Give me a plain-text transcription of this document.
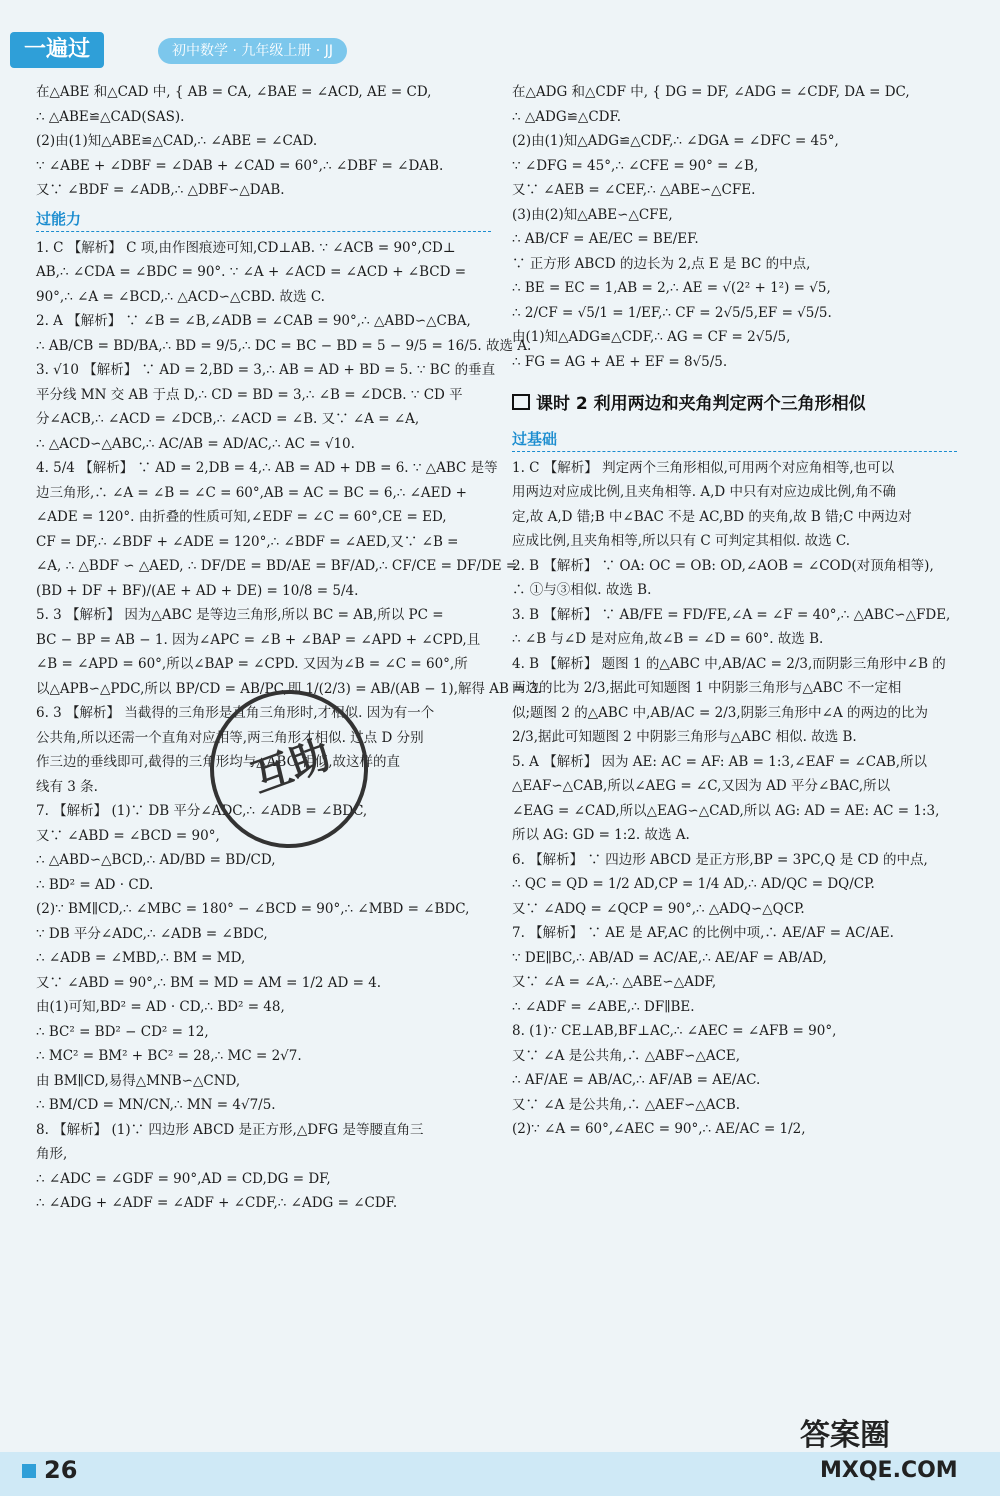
一遍过	初中数学 · 九年级上册 · JJ
在△ABE 和△CAD 中, { AB = CA, ∠BAE = ∠ACD, AE = CD,
∴ △ABE≌△CAD(SAS).
(2)由(1)知△ABE≌△CAD,∴ ∠ABE = ∠CAD.
∵ ∠ABE + ∠DBF = ∠DAB + ∠CAD = 60°,∴ ∠DBF = ∠DAB.
又∵ ∠BDF = ∠ADB,∴ △DBF∽△DAB.
过能力
1. C 【解析】 C 项,由作图痕迹可知,CD⊥AB. ∵ ∠ACB = 90°,CD⊥
AB,∴ ∠CDA = ∠BDC = 90°. ∵ ∠A + ∠ACD = ∠ACD + ∠BCD =
90°,∴ ∠A = ∠BCD,∴ △ACD∽△CBD. 故选 C.
2. A 【解析】 ∵ ∠B = ∠B,∠ADB = ∠CAB = 90°,∴ △ABD∽△CBA,
∴ AB/CB = BD/BA,∴ BD = 9/5,∴ DC = BC − BD = 5 − 9/5 = 16/5. 故选 A.
3. √10 【解析】 ∵ AD = 2,BD = 3,∴ AB = AD + BD = 5. ∵ BC 的垂直
平分线 MN 交 AB 于点 D,∴ CD = BD = 3,∴ ∠B = ∠DCB. ∵ CD 平
分∠ACB,∴ ∠ACD = ∠DCB,∴ ∠ACD = ∠B. 又∵ ∠A = ∠A,
∴ △ACD∽△ABC,∴ AC/AB = AD/AC,∴ AC = √10.
4. 5/4 【解析】 ∵ AD = 2,DB = 4,∴ AB = AD + DB = 6. ∵ △ABC 是等
边三角形,∴ ∠A = ∠B = ∠C = 60°,AB = AC = BC = 6,∴ ∠AED +
∠ADE = 120°. 由折叠的性质可知,∠EDF = ∠C = 60°,CE = ED,
CF = DF,∴ ∠BDF + ∠ADE = 120°,∴ ∠BDF = ∠AED,又∵ ∠B =
∠A, ∴ △BDF ∽ △AED, ∴ DF/DE = BD/AE = BF/AD,∴ CF/CE = DF/DE =
(BD + DF + BF)/(AE + AD + DE) = 10/8 = 5/4.
5. 3 【解析】 因为△ABC 是等边三角形,所以 BC = AB,所以 PC =
BC − BP = AB − 1. 因为∠APC = ∠B + ∠BAP = ∠APD + ∠CPD,且
∠B = ∠APD = 60°,所以∠BAP = ∠CPD. 又因为∠B = ∠C = 60°,所
以△APB∽△PDC,所以 BP/CD = AB/PC,即 1/(2/3) = AB/(AB − 1),解得 AB = 3.
6. 3 【解析】 当截得的三角形是直角三角形时,才相似. 因为有一个
公共角,所以还需一个直角对应相等,两三角形才相似. 过点 D 分别
作三边的垂线即可,截得的三角形均与△ABC 相似,故这样的直
线有 3 条.
7. 【解析】 (1)∵ DB 平分∠ADC,∴ ∠ADB = ∠BDC,
又∵ ∠ABD = ∠BCD = 90°,
∴ △ABD∽△BCD,∴ AD/BD = BD/CD,
∴ BD² = AD · CD.
(2)∵ BM∥CD,∴ ∠MBC = 180° − ∠BCD = 90°,∴ ∠MBD = ∠BDC,
∵ DB 平分∠ADC,∴ ∠ADB = ∠BDC,
∴ ∠ADB = ∠MBD,∴ BM = MD,
又∵ ∠ABD = 90°,∴ BM = MD = AM = 1/2 AD = 4.
由(1)可知,BD² = AD · CD,∴ BD² = 48,
∴ BC² = BD² − CD² = 12,
∴ MC² = BM² + BC² = 28,∴ MC = 2√7.
由 BM∥CD,易得△MNB∽△CND,
∴ BM/CD = MN/CN,∴ MN = 4√7/5.
8. 【解析】 (1)∵ 四边形 ABCD 是正方形,△DFG 是等腰直角三
角形,
∴ ∠ADC = ∠GDF = 90°,AD = CD,DG = DF,
∴ ∠ADG + ∠ADF = ∠ADF + ∠CDF,∴ ∠ADG = ∠CDF.
在△ADG 和△CDF 中, { DG = DF, ∠ADG = ∠CDF, DA = DC,
∴ △ADG≌△CDF.
(2)由(1)知△ADG≌△CDF,∴ ∠DGA = ∠DFC = 45°,
∵ ∠DFG = 45°,∴ ∠CFE = 90° = ∠B,
又∵ ∠AEB = ∠CEF,∴ △ABE∽△CFE.
(3)由(2)知△ABE∽△CFE,
∴ AB/CF = AE/EC = BE/EF.
∵ 正方形 ABCD 的边长为 2,点 E 是 BC 的中点,
∴ BE = EC = 1,AB = 2,∴ AE = √(2² + 1²) = √5,
∴ 2/CF = √5/1 = 1/EF,∴ CF = 2√5/5,EF = √5/5.
由(1)知△ADG≌△CDF,∴ AG = CF = 2√5/5,
∴ FG = AG + AE + EF = 8√5/5.
课时 2 利用两边和夹角判定两个三角形相似
过基础
1. C 【解析】 判定两个三角形相似,可用两个对应角相等,也可以
用两边对应成比例,且夹角相等. A,D 中只有对应边成比例,角不确
定,故 A,D 错;B 中∠BAC 不是 AC,BD 的夹角,故 B 错;C 中两边对
应成比例,且夹角相等,所以只有 C 可判定其相似. 故选 C.
2. B 【解析】 ∵ OA: OC = OB: OD,∠AOB = ∠COD(对顶角相等),
∴ ①与③相似. 故选 B.
3. B 【解析】 ∵ AB/FE = FD/FE,∠A = ∠F = 40°,∴ △ABC∽△FDE,
∴ ∠B 与∠D 是对应角,故∠B = ∠D = 60°. 故选 B.
4. B 【解析】 题图 1 的△ABC 中,AB/AC = 2/3,而阴影三角形中∠B 的
两边的比为 2/3,据此可知题图 1 中阴影三角形与△ABC 不一定相
似;题图 2 的△ABC 中,AB/AC = 2/3,阴影三角形中∠A 的两边的比为
2/3,据此可知题图 2 中阴影三角形与△ABC 相似. 故选 B.
5. A 【解析】 因为 AE: AC = AF: AB = 1:3,∠EAF = ∠CAB,所以
△EAF∽△CAB,所以∠AEG = ∠C,又因为 AD 平分∠BAC,所以
∠EAG = ∠CAD,所以△EAG∽△CAD,所以 AG: AD = AE: AC = 1:3,
所以 AG: GD = 1:2. 故选 A.
6. 【解析】 ∵ 四边形 ABCD 是正方形,BP = 3PC,Q 是 CD 的中点,
∴ QC = QD = 1/2 AD,CP = 1/4 AD,∴ AD/QC = DQ/CP.
又∵ ∠ADQ = ∠QCP = 90°,∴ △ADQ∽△QCP.
7. 【解析】 ∵ AE 是 AF,AC 的比例中项,∴ AE/AF = AC/AE.
∵ DE∥BC,∴ AB/AD = AC/AE,∴ AE/AF = AB/AD,
又∵ ∠A = ∠A,∴ △ABE∽△ADF,
∴ ∠ADF = ∠ABE,∴ DF∥BE.
8. (1)∵ CE⊥AB,BF⊥AC,∴ ∠AEC = ∠AFB = 90°,
又∵ ∠A 是公共角,∴ △ABF∽△ACE,
∴ AF/AE = AB/AC,∴ AF/AB = AE/AC.
又∵ ∠A 是公共角,∴ △AEF∽△ACB.
(2)∵ ∠A = 60°,∠AEC = 90°,∴ AE/AC = 1/2,
互助
26
答案圈
MXQE.COM
